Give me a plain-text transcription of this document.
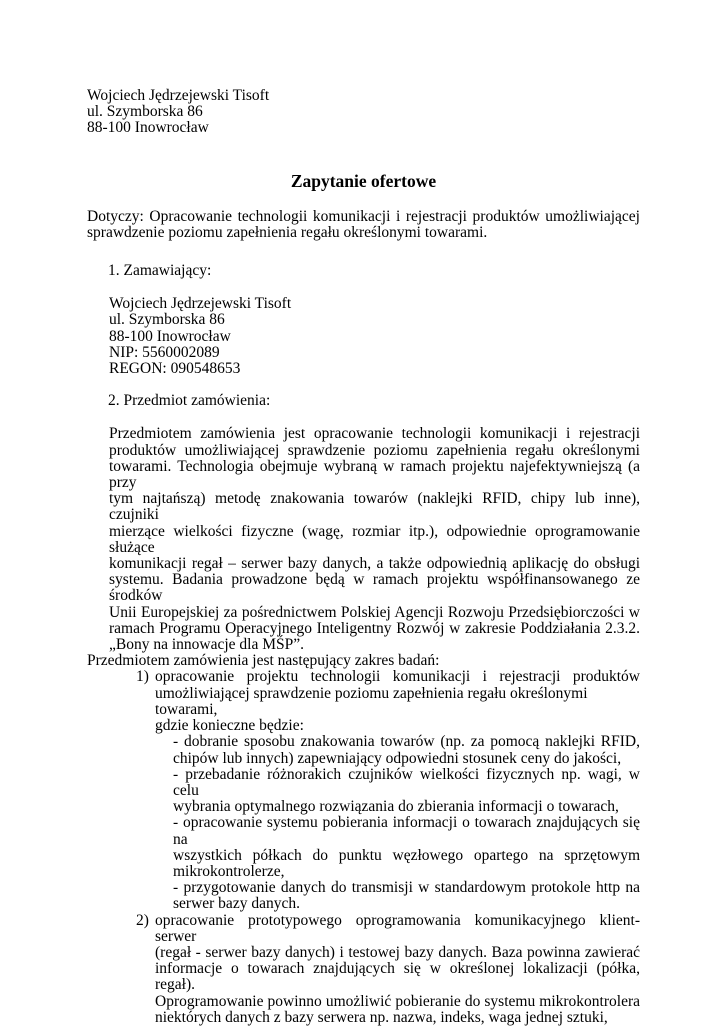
Wojciech Jędrzejewski Tisoft
ul. Szymborska 86
88-100 Inowrocław
Zapytanie ofertowe
Dotyczy: Opracowanie technologii komunikacji i rejestracji produktów umożliwiającej
sprawdzenie poziomu zapełnienia regału określonymi towarami.
1. Zamawiający:
Wojciech Jędrzejewski Tisoft
ul. Szymborska 86
88-100 Inowrocław
NIP: 5560002089
REGON: 090548653
2. Przedmiot zamówienia:
Przedmiotem zamówienia jest opracowanie technologii komunikacji i rejestracji
produktów umożliwiającej sprawdzenie poziomu zapełnienia regału określonymi
towarami. Technologia obejmuje wybraną w ramach projektu najefektywniejszą (a przy
tym najtańszą) metodę znakowania towarów (naklejki RFID, chipy lub inne), czujniki
mierzące wielkości fizyczne (wagę, rozmiar itp.), odpowiednie oprogramowanie służące
komunikacji regał – serwer bazy danych, a także odpowiednią aplikację do obsługi
systemu. Badania prowadzone będą w ramach projektu współfinansowanego ze środków
Unii Europejskiej za pośrednictwem Polskiej Agencji Rozwoju Przedsiębiorczości w
ramach Programu Operacyjnego Inteligentny Rozwój w zakresie Poddziałania 2.3.2.
„Bony na innowacje dla MŚP”.
Przedmiotem zamówienia jest następujący zakres badań:
1) opracowanie projektu technologii komunikacji i rejestracji produktów
umożliwiającej sprawdzenie poziomu zapełnienia regału określonymi towarami,
gdzie konieczne będzie:
- dobranie sposobu znakowania towarów (np. za pomocą naklejki RFID,
chipów lub innych) zapewniający odpowiedni stosunek ceny do jakości,
- przebadanie różnorakich czujników wielkości fizycznych np. wagi, w celu
wybrania optymalnego rozwiązania do zbierania informacji o towarach,
- opracowanie systemu pobierania informacji o towarach znajdujących się na
wszystkich półkach do punktu węzłowego opartego na sprzętowym
mikrokontrolerze,
- przygotowanie danych do transmisji w standardowym protokole http na
serwer bazy danych.
2) opracowanie prototypowego oprogramowania komunikacyjnego klient-serwer
(regał - serwer bazy danych) i testowej bazy danych. Baza powinna zawierać
informacje o towarach znajdujących się w określonej lokalizacji (półka, regał).
Oprogramowanie powinno umożliwić pobieranie do systemu mikrokontrolera
niektórych danych z bazy serwera np. nazwa, indeks, waga jednej sztuki,
